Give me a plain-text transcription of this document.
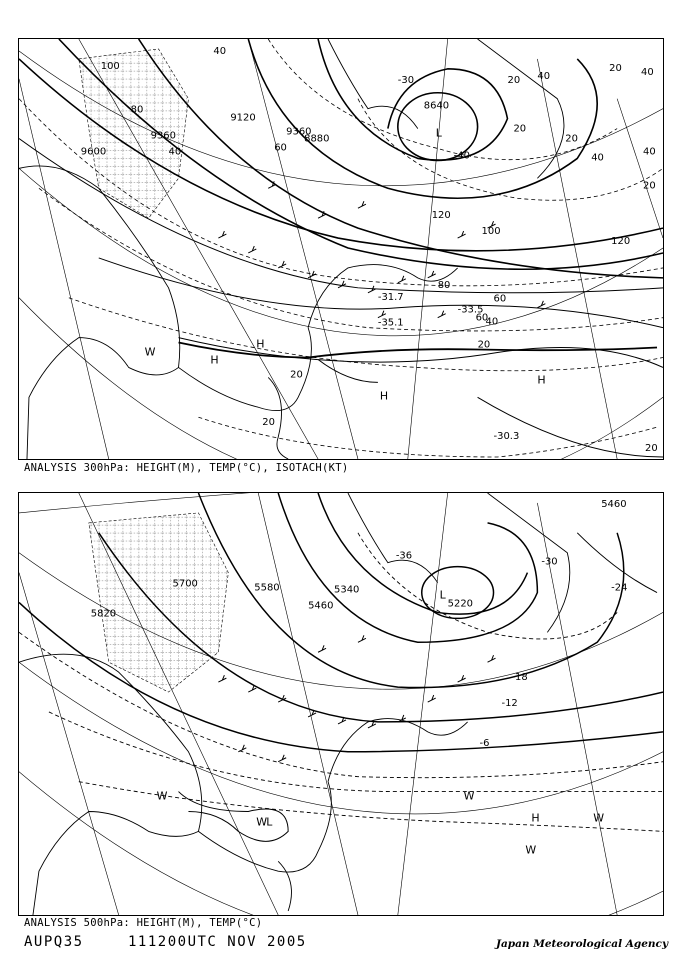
9600
9360
9120
9360
8880
8640
40
100
80
60
40
20
20
40
20
40
20
120
100
60
80
60
40
20
20
120
20
20
40
40
20
-30
-40
-31.7
-33.5
-35.1
-30.3
L
H
H
H
H
W
ANALYSIS 300hPa: HEIGHT(M), TEMP(°C), ISOTACH(KT)
5820
5700	5580
5460
5340
5220
5460
-36
-30
-24
-18
-12
-6
L
H
W	W
W
W
W L
ANALYSIS 500hPa: HEIGHT(M), TEMP(°C)
AUPQ35	111200UTC NOV 2005	Japan Meteorological Agency
